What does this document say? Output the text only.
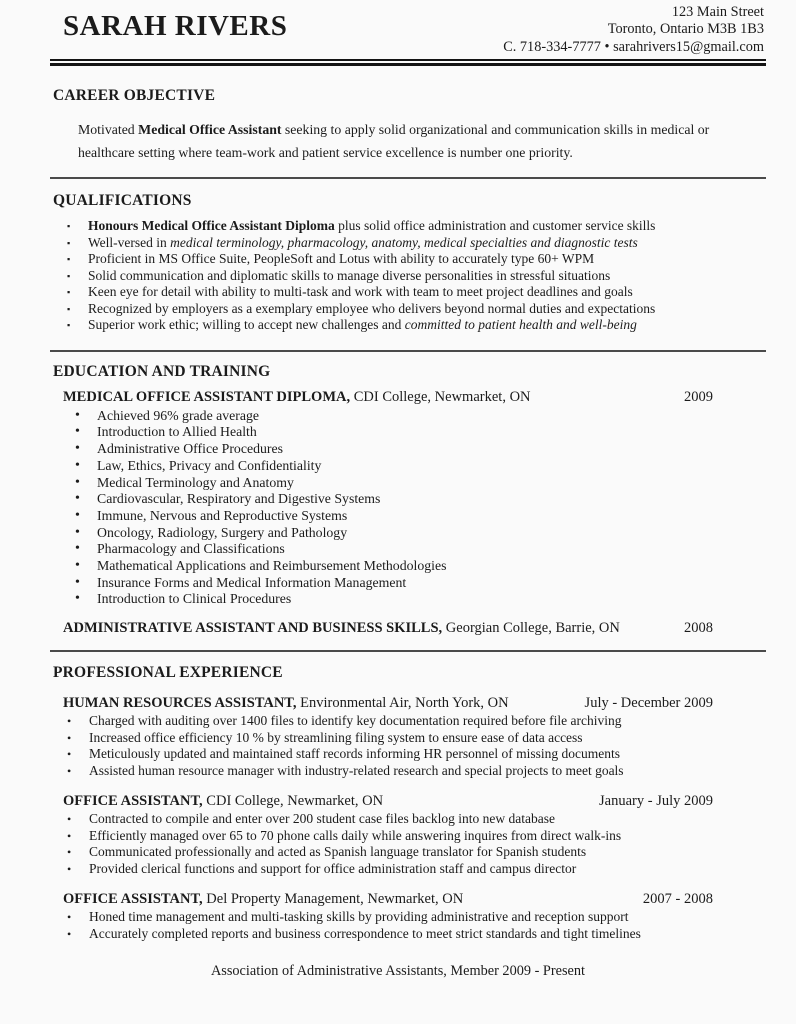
SARAH RIVERS	123 Main Street
Toronto, Ontario M3B 1B3
C. 718-334-7777 • sarahrivers15@gmail.com
CAREER OBJECTIVE

Motivated Medical Office Assistant seeking to apply solid organizational and communication skills in medical or healthcare setting where team-work and patient service excellence is number one priority.

QUALIFICATIONS
▪ Honours Medical Office Assistant Diploma plus solid office administration and customer service skills
▪ Well-versed in medical terminology, pharmacology, anatomy, medical specialties and diagnostic tests
▪ Proficient in MS Office Suite, PeopleSoft and Lotus with ability to accurately type 60+ WPM
▪ Solid communication and diplomatic skills to manage diverse personalities in stressful situations
▪ Keen eye for detail with ability to multi-task and work with team to meet project deadlines and goals
▪ Recognized by employers as a exemplary employee who delivers beyond normal duties and expectations
▪ Superior work ethic; willing to accept new challenges and committed to patient health and well-being
EDUCATION AND TRAINING
MEDICAL OFFICE ASSISTANT DIPLOMA, CDI College, Newmarket, ON	2009
• Achieved 96% grade average
• Introduction to Allied Health
• Administrative Office Procedures
• Law, Ethics, Privacy and Confidentiality
• Medical Terminology and Anatomy
• Cardiovascular, Respiratory and Digestive Systems
• Immune, Nervous and Reproductive Systems
• Oncology, Radiology, Surgery and Pathology
• Pharmacology and Classifications
• Mathematical Applications and Reimbursement Methodologies
• Insurance Forms and Medical Information Management
• Introduction to Clinical Procedures
ADMINISTRATIVE ASSISTANT AND BUSINESS SKILLS, Georgian College, Barrie, ON	2008
PROFESSIONAL EXPERIENCE
HUMAN RESOURCES ASSISTANT, Environmental Air, North York, ON	July - December 2009
• Charged with auditing over 1400 files to identify key documentation required before file archiving
• Increased office efficiency 10 % by streamlining filing system to ensure ease of data access
• Meticulously updated and maintained staff records informing HR personnel of missing documents
• Assisted human resource manager with industry-related research and special projects to meet goals
OFFICE ASSISTANT, CDI College, Newmarket, ON	January - July 2009
• Contracted to compile and enter over 200 student case files backlog into new database
• Efficiently managed over 65 to 70 phone calls daily while answering inquires from direct walk-ins
• Communicated professionally and acted as Spanish language translator for Spanish students
• Provided clerical functions and support for office administration staff and campus director
OFFICE ASSISTANT, Del Property Management, Newmarket, ON	2007 - 2008
• Honed time management and multi-tasking skills by providing administrative and reception support
• Accurately completed reports and business correspondence to meet strict standards and tight timelines
Association of Administrative Assistants, Member 2009 - Present
